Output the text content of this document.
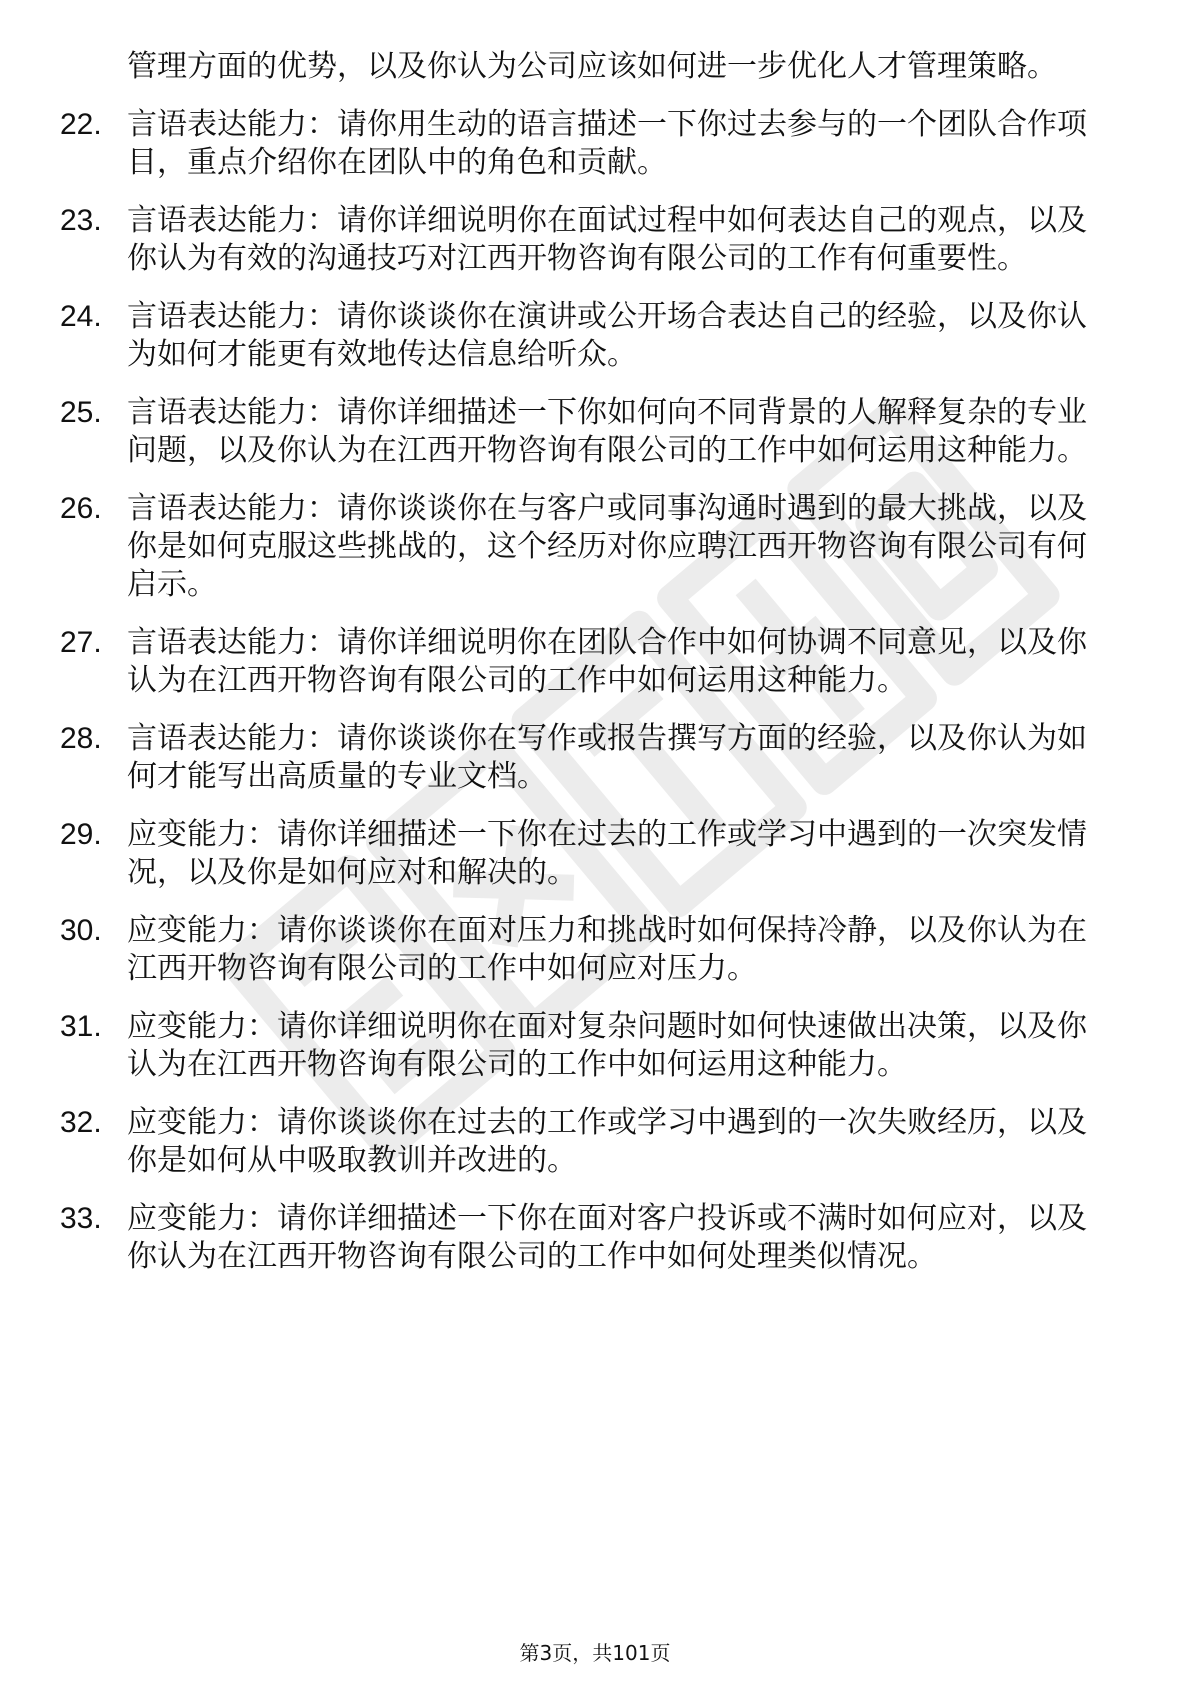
管理方面的优势，以及你认为公司应该如何进一步优化人才管理策略。
22. 言语表达能力：请你用生动的语言描述一下你过去参与的一个团队合作项目，重点介绍你在团队中的角色和贡献。
23. 言语表达能力：请你详细说明你在面试过程中如何表达自己的观点，以及你认为有效的沟通技巧对江西开物咨询有限公司的工作有何重要性。
24. 言语表达能力：请你谈谈你在演讲或公开场合表达自己的经验，以及你认为如何才能更有效地传达信息给听众。
25. 言语表达能力：请你详细描述一下你如何向不同背景的人解释复杂的专业问题，以及你认为在江西开物咨询有限公司的工作中如何运用这种能力。
26. 言语表达能力：请你谈谈你在与客户或同事沟通时遇到的最大挑战，以及你是如何克服这些挑战的，这个经历对你应聘江西开物咨询有限公司有何启示。
27. 言语表达能力：请你详细说明你在团队合作中如何协调不同意见，以及你认为在江西开物咨询有限公司的工作中如何运用这种能力。
28. 言语表达能力：请你谈谈你在写作或报告撰写方面的经验，以及你认为如何才能写出高质量的专业文档。
29. 应变能力：请你详细描述一下你在过去的工作或学习中遇到的一次突发情况，以及你是如何应对和解决的。
30. 应变能力：请你谈谈你在面对压力和挑战时如何保持冷静，以及你认为在江西开物咨询有限公司的工作中如何应对压力。
31. 应变能力：请你详细说明你在面对复杂问题时如何快速做出决策，以及你认为在江西开物咨询有限公司的工作中如何运用这种能力。
32. 应变能力：请你谈谈你在过去的工作或学习中遇到的一次失败经历，以及你是如何从中吸取教训并改进的。
33. 应变能力：请你详细描述一下你在面对客户投诉或不满时如何应对，以及你认为在江西开物咨询有限公司的工作中如何处理类似情况。
第3页，共101页
